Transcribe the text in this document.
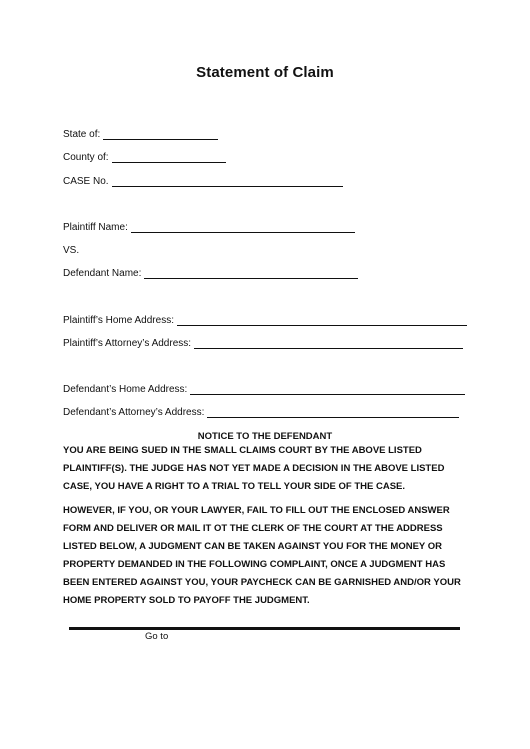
Statement of Claim
State of:
County of:
CASE No.
Plaintiff Name:
VS.
Defendant Name:
Plaintiff’s Home Address:
Plaintiff’s Attorney’s Address:
Defendant’s Home Address:
Defendant’s Attorney’s Address:
NOTICE TO THE DEFENDANT
YOU ARE BEING SUED IN THE SMALL CLAIMS COURT BY THE ABOVE LISTED PLAINTIFF(S). THE JUDGE HAS NOT YET MADE A DECISION IN THE ABOVE LISTED CASE, YOU HAVE A RIGHT TO A TRIAL TO TELL YOUR SIDE OF THE CASE.
HOWEVER, IF YOU, OR YOUR LAWYER, FAIL TO FILL OUT THE ENCLOSED ANSWER FORM AND DELIVER OR MAIL IT OT THE CLERK OF THE COURT AT THE ADDRESS LISTED BELOW, A JUDGMENT CAN BE TAKEN AGAINST YOU FOR THE MONEY OR PROPERTY DEMANDED IN THE FOLLOWING COMPLAINT, ONCE A JUDGMENT HAS BEEN ENTERED AGAINST YOU, YOUR PAYCHECK CAN BE GARNISHED AND/OR YOUR HOME PROPERTY SOLD TO PAYOFF THE JUDGMENT.
Go to
